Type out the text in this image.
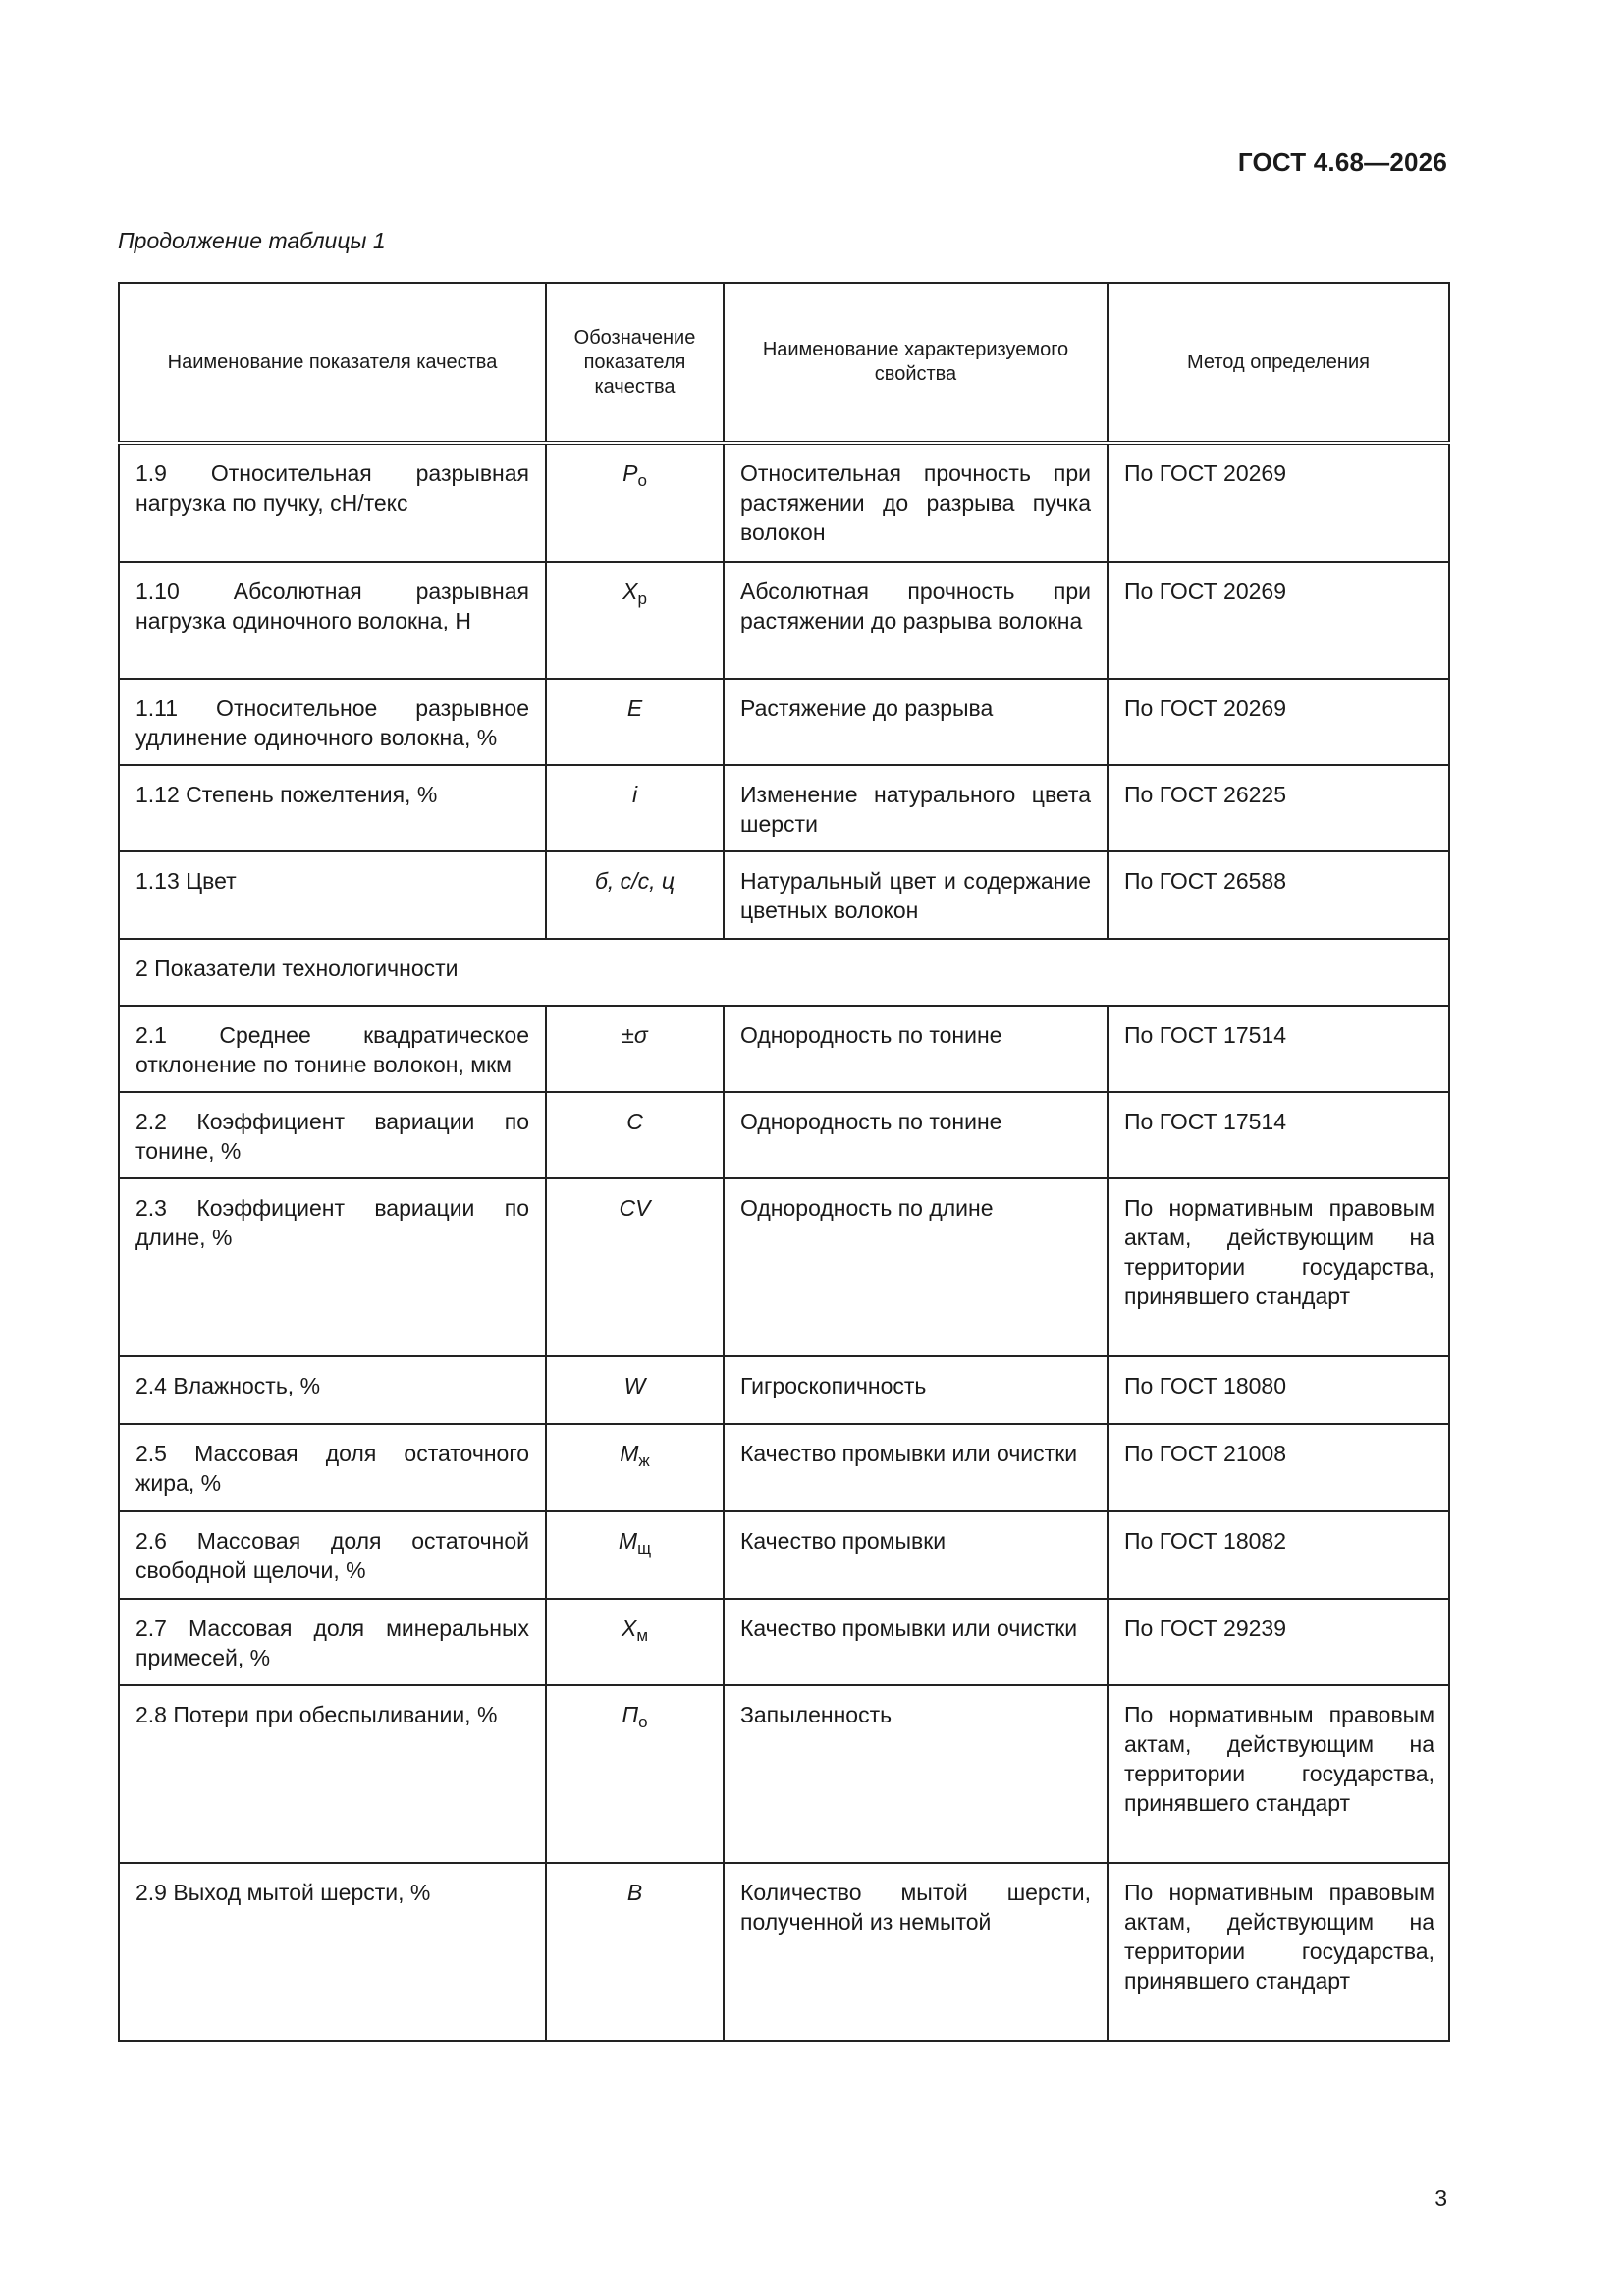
ГОСТ 4.68—2026
Продолжение таблицы 1
Наименование показателя качества	Обозначение показателя качества	Наименование характеризуемого свойства	Метод определения
1.9 Относительная разрывная нагрузка по пучку, сН/текс	$P_о$	Относительная прочность при растяжении до разрыва пучка волокон	По ГОСТ 20269
1.10 Абсолютная разрывная нагрузка одиночного волокна, Н	$X_р$	Абсолютная прочность при растяжении до разрыва волокна	По ГОСТ 20269
1.11 Относительное разрывное удлинение одиночного волокна, %	E	Растяжение до разрыва	По ГОСТ 20269
1.12 Степень пожелтения, %	i	Изменение натурального цвета шерсти	По ГОСТ 26225
1.13 Цвет	б, с/с, ц	Натуральный цвет и содержание цветных волокон	По ГОСТ 26588
2 Показатели технологичности			
2.1 Среднее квадратическое отклонение по тонине волокон, мкм	±σ	Однородность по тонине	По ГОСТ 17514
2.2 Коэффициент вариации по тонине, %	C	Однородность по тонине	По ГОСТ 17514
2.3 Коэффициент вариации по длине, %	CV	Однородность по длине	По нормативным правовым актам, действующим на территории государства, принявшего стандарт
2.4 Влажность, %	W	Гигроскопичность	По ГОСТ 18080
2.5 Массовая доля остаточного жира, %	$M_ж$	Качество промывки или очистки	По ГОСТ 21008
2.6 Массовая доля остаточной свободной щелочи, %	$M_щ$	Качество промывки	По ГОСТ 18082
2.7 Массовая доля минеральных примесей, %	$X_м$	Качество промывки или очистки	По ГОСТ 29239
2.8 Потери при обеспыливании, %	$П_о$	Запыленность	По нормативным правовым актам, действующим на территории государства, принявшего стандарт
2.9 Выход мытой шерсти, %	B	Количество мытой шерсти, полученной из немытой	По нормативным правовым актам, действующим на территории государства, принявшего стандарт
3
